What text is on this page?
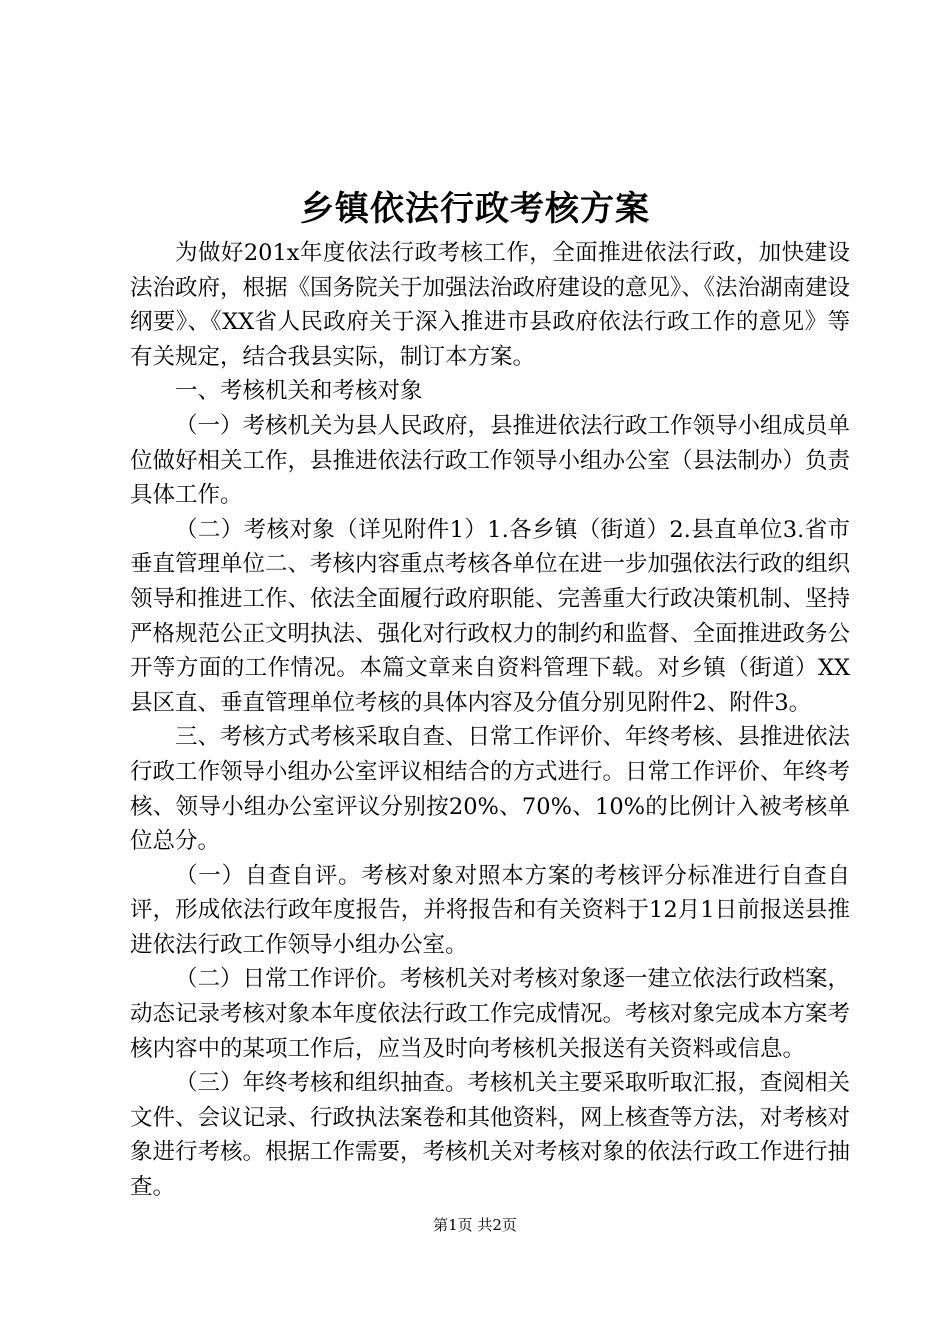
乡镇依法行政考核方案

为做好201x年度依法行政考核工作，全面推进依法行政，加快建设法治政府，根据《国务院关于加强法治政府建设的意见》、《法治湖南建设纲要》、《XX省人民政府关于深入推进市县政府依法行政工作的意见》等有关规定，结合我县实际，制订本方案。

一、考核机关和考核对象

（一）考核机关为县人民政府，县推进依法行政工作领导小组成员单位做好相关工作，县推进依法行政工作领导小组办公室（县法制办）负责具体工作。

（二）考核对象（详见附件1）1.各乡镇（街道）2.县直单位3.省市垂直管理单位二、考核内容重点考核各单位在进一步加强依法行政的组织领导和推进工作、依法全面履行政府职能、完善重大行政决策机制、坚持严格规范公正文明执法、强化对行政权力的制约和监督、全面推进政务公开等方面的工作情况。本篇文章来自资料管理下载。对乡镇（街道）XX县区直、垂直管理单位考核的具体内容及分值分别见附件2、附件3。

三、考核方式考核采取自查、日常工作评价、年终考核、县推进依法行政工作领导小组办公室评议相结合的方式进行。日常工作评价、年终考核、领导小组办公室评议分别按20%、70%、10%的比例计入被考核单位总分。

（一）自查自评。考核对象对照本方案的考核评分标准进行自查自评，形成依法行政年度报告，并将报告和有关资料于12月1日前报送县推进依法行政工作领导小组办公室。

（二）日常工作评价。考核机关对考核对象逐一建立依法行政档案，动态记录考核对象本年度依法行政工作完成情况。考核对象完成本方案考核内容中的某项工作后，应当及时向考核机关报送有关资料或信息。

（三）年终考核和组织抽查。考核机关主要采取听取汇报，查阅相关文件、会议记录、行政执法案卷和其他资料，网上核查等方法，对考核对象进行考核。根据工作需要，考核机关对考核对象的依法行政工作进行抽查。

第1页 共2页
